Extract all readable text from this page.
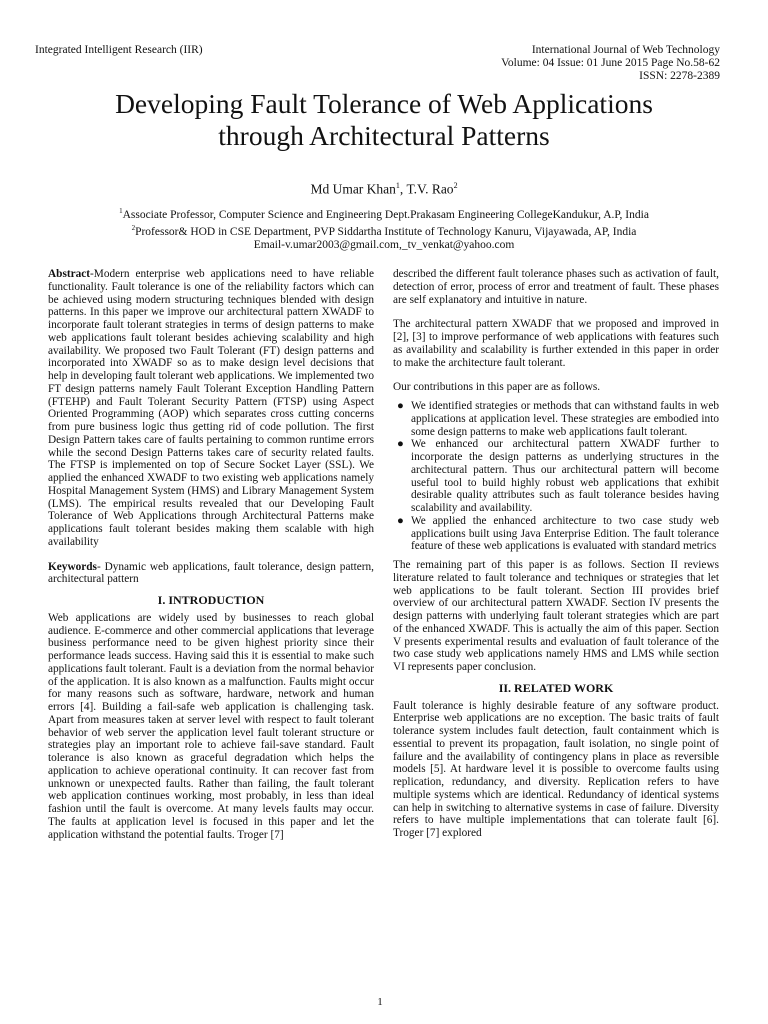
Integrated Intelligent Research (IIR)	International Journal of Web Technology
Volume: 04 Issue: 01 June 2015 Page No.58-62
ISSN: 2278-2389
Developing Fault Tolerance of Web Applications
through Architectural Patterns
Md Umar Khan$^1$, T.V. Rao$^2$
$^1$Associate Professor, Computer Science and Engineering Dept.Prakasam Engineering CollegeKandukur, A.P, India
$^2$Professor& HOD in CSE Department, PVP Siddartha Institute of Technology Kanuru, Vijayawada, AP, India
Email-v.umar2003@gmail.com,_tv_venkat@yahoo.com

Abstract-Modern enterprise web applications need to have reliable functionality. Fault tolerance is one of the reliability factors which can be achieved using modern structuring techniques blended with design patterns. In this paper we improve our architectural pattern XWADF to incorporate fault tolerant strategies in terms of design patterns to make web applications fault tolerant besides achieving scalability and high availability. We proposed two Fault Tolerant (FT) design patterns and incorporated into XWADF so as to make design level decisions that help in developing fault tolerant web applications. We implemented two FT design patterns namely Fault Tolerant Exception Handling Pattern (FTEHP) and Fault Tolerant Security Pattern (FTSP) using Aspect Oriented Programming (AOP) which separates cross cutting concerns from pure business logic thus getting rid of code pollution. The first Design Pattern takes care of faults pertaining to common runtime errors while the second Design Patterns takes care of security related faults. The FTSP is implemented on top of Secure Socket Layer (SSL). We applied the enhanced XWADF to two existing web applications namely Hospital Management System (HMS) and Library Management System (LMS). The empirical results revealed that our Developing Fault Tolerance of Web Applications through Architectural Patterns make applications fault tolerant besides making them scalable with high availability

Keywords- Dynamic web applications, fault tolerance, design pattern, architectural pattern

I. INTRODUCTION

Web applications are widely used by businesses to reach global audience. E-commerce and other commercial applications that leverage business performance need to be given highest priority since their performance leads success. Having said this it is essential to make such applications fault tolerant. Fault is a deviation from the normal behavior of the application. It is also known as a malfunction. Faults might occur for many reasons such as software, hardware, network and human errors [4]. Building a fail-safe web application is challenging task. Apart from measures taken at server level with respect to fault tolerant behavior of web server the application level fault tolerant structure or strategies play an important role to achieve fail-save standard. Fault tolerance is also known as graceful degradation which helps the application to achieve operational continuity. It can recover fast from unknown or unexpected faults. Rather than failing, the fault tolerant web application continues working, most probably, in less than ideal fashion until the fault is overcome. At many levels faults may occur. The faults at application level is focused in this paper and let the application withstand the potential faults. Troger [7]

described the different fault tolerance phases such as activation of fault, detection of error, process of error and treatment of fault. These phases are self explanatory and intuitive in nature.

The architectural pattern XWADF that we proposed and improved in [2], [3] to improve performance of web applications with features such as availability and scalability is further extended in this paper in order to make the architecture fault tolerant.

Our contributions in this paper are as follows.

● We identified strategies or methods that can withstand faults in web applications at application level. These strategies are embodied into some design patterns to make web applications fault tolerant.
● We enhanced our architectural pattern XWADF further to incorporate the design patterns as underlying structures in the architectural pattern. Thus our architectural pattern will become useful tool to build highly robust web applications that exhibit desirable quality attributes such as fault tolerance besides having scalability and availability.
● We applied the enhanced architecture to two case study web applications built using Java Enterprise Edition. The fault tolerance feature of these web applications is evaluated with standard metrics

The remaining part of this paper is as follows. Section II reviews literature related to fault tolerance and techniques or strategies that let web applications to be fault tolerant. Section III provides brief overview of our architectural pattern XWADF. Section IV presents the design patterns with underlying fault tolerant strategies which are part of the enhanced XWADF. This is actually the aim of this paper. Section V presents experimental results and evaluation of fault tolerance of the two case study web applications namely HMS and LMS while section VI represents paper conclusion.

II. RELATED WORK

Fault tolerance is highly desirable feature of any software product. Enterprise web applications are no exception. The basic traits of fault tolerance system includes fault detection, fault containment which is essential to prevent its propagation, fault isolation, no single point of failure and the availability of contingency plans in place as reversible models [5]. At hardware level it is possible to overcome faults using replication, redundancy, and diversity. Replication refers to have multiple systems which are identical. Redundancy of identical systems can help in switching to alternative systems in case of failure. Diversity refers to have multiple implementations that can tolerate fault [6]. Troger [7] explored

1
